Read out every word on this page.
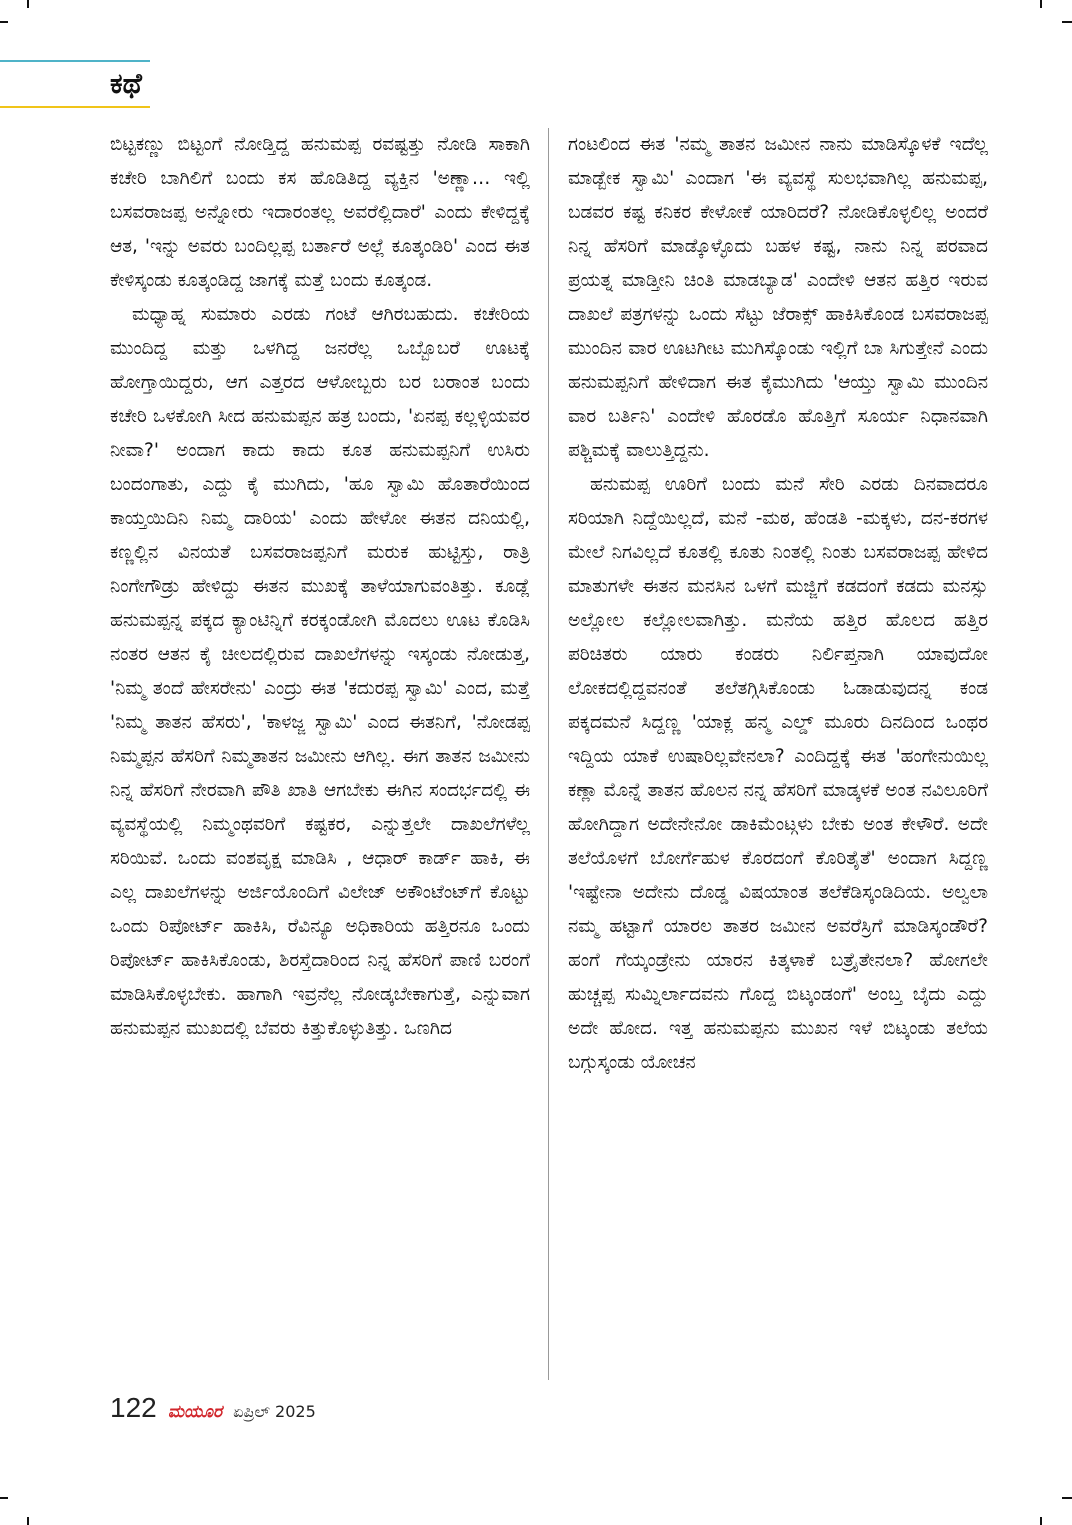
ಕಥೆ

ಬಿಟ್ಟಕಣ್ಣು ಬಿಟ್ಟಂಗೆ ನೋಡ್ತಿದ್ದ ಹನುಮಪ್ಪ ರವಷ್ಟತ್ತು ನೋಡಿ ಸಾಕಾಗಿ ಕಚೇರಿ ಬಾಗಿಲಿಗೆ ಬಂದು ಕಸ ಹೊಡಿತಿದ್ದ ವ್ಯಕ್ತಿನ 'ಅಣ್ಣಾ… ಇಲ್ಲಿ ಬಸವರಾಜಪ್ಪ ಅನ್ನೋರು ಇದಾರಂತಲ್ಲ ಅವರೆಲ್ಲಿದಾರೆ' ಎಂದು ಕೇಳಿದ್ದಕ್ಕೆ ಆತ, 'ಇನ್ನು ಅವರು ಬಂದಿಲ್ಲಪ್ಪ ಬರ್ತಾರೆ ಅಲ್ಲೆ ಕೂತ್ಕಂಡಿರಿ' ಎಂದ ಈತ ಕೇಳಿಸ್ಕಂಡು ಕೂತ್ಕಂಡಿದ್ದ ಜಾಗಕ್ಕೆ ಮತ್ತೆ ಬಂದು ಕೂತ್ಕಂಡ.

ಮಧ್ಯಾಹ್ನ ಸುಮಾರು ಎರಡು ಗಂಟೆ ಆಗಿರಬಹುದು. ಕಚೇರಿಯ ಮುಂದಿದ್ದ ಮತ್ತು ಒಳಗಿದ್ದ ಜನರೆಲ್ಲ ಒಬ್ಬೊಬರೆ ಊಟಕ್ಕೆ ಹೋಗ್ತಾಯಿದ್ದರು, ಆಗ ಎತ್ತರದ ಆಳೋಬ್ಬರು ಬರ ಬರಾಂತ ಬಂದು ಕಚೇರಿ ಒಳಕೋಗಿ ಸೀದ ಹನುಮಪ್ಪನ ಹತ್ರ ಬಂದು, 'ಏನಪ್ಪ ಕಲ್ಲಳ್ಳಿಯವರ ನೀವಾ?' ಅಂದಾಗ ಕಾದು ಕಾದು ಕೂತ ಹನುಮಪ್ಪನಿಗೆ ಉಸಿರು ಬಂದಂಗಾತು, ಎದ್ದು ಕೈ ಮುಗಿದು, 'ಹೂ ಸ್ವಾಮಿ ಹೊತಾರೆಯಿಂದ ಕಾಯ್ತಯಿದಿನಿ ನಿಮ್ಮ ದಾರಿಯ' ಎಂದು ಹೇಳೋ ಈತನ ದನಿಯಲ್ಲಿ, ಕಣ್ಣಲ್ಲಿನ ವಿನಯತೆ ಬಸವರಾಜಪ್ಪನಿಗೆ ಮರುಕ ಹುಟ್ಟಿಸ್ತು, ರಾತ್ರಿ ನಿಂಗೇಗೌಡ್ರು ಹೇಳಿದ್ದು ಈತನ ಮುಖಕ್ಕೆ ತಾಳೆಯಾಗುವಂತಿತ್ತು. ಕೂಡ್ಲೆ ಹನುಮಪ್ಪನ್ನ ಪಕ್ಕದ ಕ್ಯಾಂಟಿನ್ನಿಗೆ ಕರಕ್ಕಂಡೋಗಿ ಮೊದಲು ಊಟ ಕೊಡಿಸಿ ನಂತರ ಆತನ ಕೈ ಚೀಲದಲ್ಲಿರುವ ದಾಖಲೆಗಳನ್ನು ಇಸ್ಕಂಡು ನೋಡುತ್ತ, 'ನಿಮ್ಮ ತಂದೆ ಹೇಸರೇನು' ಎಂದ್ರು ಈತ 'ಕದುರಪ್ಪ ಸ್ವಾಮಿ' ಎಂದ, ಮತ್ತೆ 'ನಿಮ್ಮ ತಾತನ ಹೆಸರು', 'ಕಾಳಜ್ಜ ಸ್ವಾಮಿ' ಎಂದ ಈತನಿಗೆ, 'ನೋಡಪ್ಪ ನಿಮ್ಮಪ್ಪನ ಹೆಸರಿಗೆ ನಿಮ್ಮತಾತನ ಜಮೀನು ಆಗಿಲ್ಲ. ಈಗ ತಾತನ ಜಮೀನು ನಿನ್ನ ಹೆಸರಿಗೆ ನೇರವಾಗಿ ಪೌತಿ ಖಾತಿ ಆಗಬೇಕು ಈಗಿನ ಸಂದರ್ಭದಲ್ಲಿ ಈ ವ್ಯವಸ್ಥೆಯಲ್ಲಿ ನಿಮ್ಮಂಥವರಿಗೆ ಕಷ್ಟಕರ, ಎನ್ನುತ್ತಲೇ ದಾಖಲೆಗಳೆಲ್ಲ ಸರಿಯಿವೆ. ಒಂದು ವಂಶವೃಕ್ಷ ಮಾಡಿಸಿ , ಆಧಾರ್ ಕಾರ್ಡ್ ಹಾಕಿ, ಈ ಎಲ್ಲ ದಾಖಲೆಗಳನ್ನು ಅರ್ಜಿಯೊಂದಿಗೆ ವಿಲೇಜ್ ಅಕೌಂಟೆಂಟ್‌ಗೆ ಕೊಟ್ಟು ಒಂದು ರಿಪೋರ್ಟ್ ಹಾಕಿಸಿ, ರೆವಿನ್ಯೂ ಅಧಿಕಾರಿಯ ಹತ್ತಿರನೂ ಒಂದು ರಿಪೋರ್ಟ್ ಹಾಕಿಸಿಕೊಂಡು, ಶಿರಸ್ತೆದಾರಿಂದ ನಿನ್ನ ಹೆಸರಿಗೆ ಪಾಣಿ ಬರಂಗೆ ಮಾಡಿಸಿಕೊಳ್ಳಬೇಕು. ಹಾಗಾಗಿ ಇವ್ರನೆಲ್ಲ ನೋಡ್ಕಬೇಕಾಗುತ್ತೆ, ಎನ್ನುವಾಗ ಹನುಮಪ್ಪನ ಮುಖದಲ್ಲಿ ಬೆವರು ಕಿತ್ತುಕೊಳ್ಳುತಿತ್ತು. ಒಣಗಿದ

ಗಂಟಲಿಂದ ಈತ 'ನಮ್ಮ ತಾತನ ಜಮೀನ ನಾನು ಮಾಡಿಸ್ಕೊಳಕೆ ಇದೆಲ್ಲ ಮಾಡ್ಬೇಕ ಸ್ವಾಮಿ' ಎಂದಾಗ 'ಈ ವ್ಯವಸ್ಥೆ ಸುಲಭವಾಗಿಲ್ಲ ಹನುಮಪ್ಪ, ಬಡವರ ಕಷ್ಟ ಕನಿಕರ ಕೇಳೋಕೆ ಯಾರಿದರೆ? ನೋಡಿಕೊಳ್ಳಲಿಲ್ಲ ಅಂದರೆ ನಿನ್ನ ಹೆಸರಿಗೆ ಮಾಡ್ಕೊಳ್ಳೊದು ಬಹಳ ಕಷ್ಟ, ನಾನು ನಿನ್ನ ಪರವಾದ ಪ್ರಯತ್ನ ಮಾಡ್ತೀನಿ ಚಿಂತಿ ಮಾಡಬ್ಯಾಡ' ಎಂದೇಳಿ ಆತನ ಹತ್ತಿರ ಇರುವ ದಾಖಲೆ ಪತ್ರಗಳನ್ನು ಒಂದು ಸೆಟ್ಟು ಜೆರಾಕ್ಸ್ ಹಾಕಿಸಿಕೊಂಡ ಬಸವರಾಜಪ್ಪ ಮುಂದಿನ ವಾರ ಊಟಗೀಟ ಮುಗಿಸ್ಕೊಂಡು ಇಲ್ಲಿಗೆ ಬಾ ಸಿಗುತ್ತೇನೆ ಎಂದು ಹನುಮಪ್ಪನಿಗೆ ಹೇಳಿದಾಗ ಈತ ಕೈಮುಗಿದು 'ಆಯ್ತು ಸ್ವಾಮಿ ಮುಂದಿನ ವಾರ ಬರ್ತಿನಿ' ಎಂದೇಳಿ ಹೊರಡೊ ಹೊತ್ತಿಗೆ ಸೂರ್ಯ ನಿಧಾನವಾಗಿ ಪಶ್ಚಿಮಕ್ಕೆ ವಾಲುತ್ತಿದ್ದನು.

ಹನುಮಪ್ಪ ಊರಿಗೆ ಬಂದು ಮನೆ ಸೇರಿ ಎರಡು ದಿನವಾದರೂ ಸರಿಯಾಗಿ ನಿದ್ದೆಯಿಲ್ಲದೆ, ಮನೆ -ಮಠ, ಹೆಂಡತಿ -ಮಕ್ಕಳು, ದನ-ಕರಗಳ ಮೇಲೆ ನಿಗವಿಲ್ಲದೆ ಕೂತಲ್ಲಿ ಕೂತು ನಿಂತಲ್ಲಿ ನಿಂತು ಬಸವರಾಜಪ್ಪ ಹೇಳಿದ ಮಾತುಗಳೇ ಈತನ ಮನಸಿನ ಒಳಗೆ ಮಜ್ಜಿಗೆ ಕಡದಂಗೆ ಕಡದು ಮನಸ್ಸು ಅಲ್ಲೋಲ ಕಲ್ಲೋಲವಾಗಿತ್ತು. ಮನೆಯ ಹತ್ತಿರ ಹೊಲದ ಹತ್ತಿರ ಪರಿಚಿತರು ಯಾರು ಕಂಡರು ನಿರ್ಲಿಪ್ತನಾಗಿ ಯಾವುದೋ ಲೋಕದಲ್ಲಿದ್ದವನಂತೆ ತಲೆತಗ್ಗಿಸಿಕೊಂಡು ಓಡಾಡುವುದನ್ನ ಕಂಡ ಪಕ್ಕದಮನೆ ಸಿದ್ದಣ್ಣ 'ಯಾಕ್ಲ ಹನ್ಮ ಎಲ್ಡ್ ಮೂರು ದಿನದಿಂದ ಒಂಥರ ಇದ್ದಿಯ ಯಾಕೆ ಉಷಾರಿಲ್ಲವೇನಲಾ? ಎಂದಿದ್ದಕ್ಕೆ ಈತ 'ಹಂಗೇನುಯಿಲ್ಲ ಕಣ್ಲಾ ಮೊನ್ನೆ ತಾತನ ಹೊಲನ ನನ್ನ ಹೆಸರಿಗೆ ಮಾಡ್ಕಳಕೆ ಅಂತ ನವಿಲೂರಿಗೆ ಹೋಗಿದ್ದಾಗ ಅದೇನೇನೋ ಡಾಕಿಮೆಂಟ್ಗಳು ಬೇಕು ಅಂತ ಕೇಳೌರೆ. ಅದೇ ತಲೆಯೊಳಗೆ ಬೋರ್ಗೆಹುಳ ಕೊರದಂಗೆ ಕೊರಿತೈತೆ' ಅಂದಾಗ ಸಿದ್ದಣ್ಣ 'ಇಷ್ಟೇನಾ ಅದೇನು ದೊಡ್ಡ ವಿಷಯಾಂತ ತಲೆಕೆಡಿಸ್ಕಂಡಿದಿಯ. ಅಲ್ವಲಾ ನಮ್ಮ ಹಟ್ಟಾಗೆ ಯಾರಲ ತಾತರ ಜಮೀನ ಅವರೆಸ್ರಿಗೆ ಮಾಡಿಸ್ಕಂಡೌರೆ? ಹಂಗೆ ಗೆಯ್ಕಂಡ್ರೇನು ಯಾರನ ಕಿತ್ಕಳಾಕೆ ಬತ್ರೈತೇನಲಾ? ಹೋಗಲೇ ಹುಚ್ಚಪ್ಪ ಸುಮ್ನಿರ್ಲಾದವನು ಗೊದ್ದ ಬಿಟ್ಕಂಡಂಗೆ' ಅಂಬ್ತ ಬೈದು ಎದ್ದು ಅದೇ ಹೋದ. ಇತ್ತ ಹನುಮಪ್ಪನು ಮುಖನ ಇಳೆ ಬಿಟ್ಕಂಡು ತಲೆಯ ಬಗ್ಗುಸ್ಕಂಡು ಯೋಚನ

122 ಮಯೂರ ಏಪ್ರಿಲ್ 2025
